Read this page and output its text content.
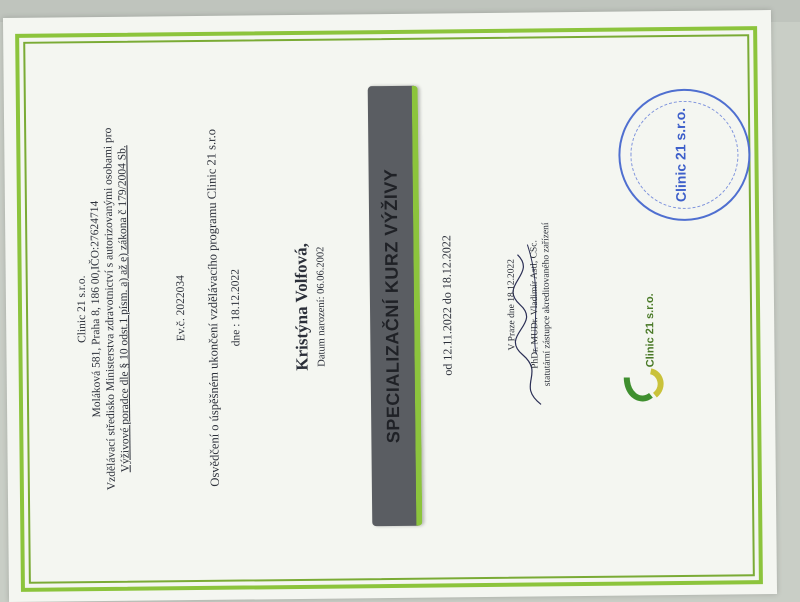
Clinic 21 s.r.o. Moláková 581, Praha 8, 186 00,IČO:27624714
Vzdělávací středisko Ministerstva zdravotnictví s autorizovanými osobami pro
Výživové poradce dle § 10 odst.1 písm. a) až e) zákona č 179/2004 Sb.	Ev.č. 2022034 Osvědčení o úspěšném ukončení vzdělávacího programu Clinic 21 s.r.o dne : 18.12.2022	Kristýna Volfová, Datum narození: 06.06.2002	SPECIALIZAČNÍ KURZ VÝŽIVY	od 12.11.2022 do 18.12.2022	V Praze dne 18.12.2022	PhDr. MUDr. Vladimír Astl, CSc. statutární zástupce akreditovaného zařízení	Clinic 21 s.r.o.
Clinic 21 s.r.o.
